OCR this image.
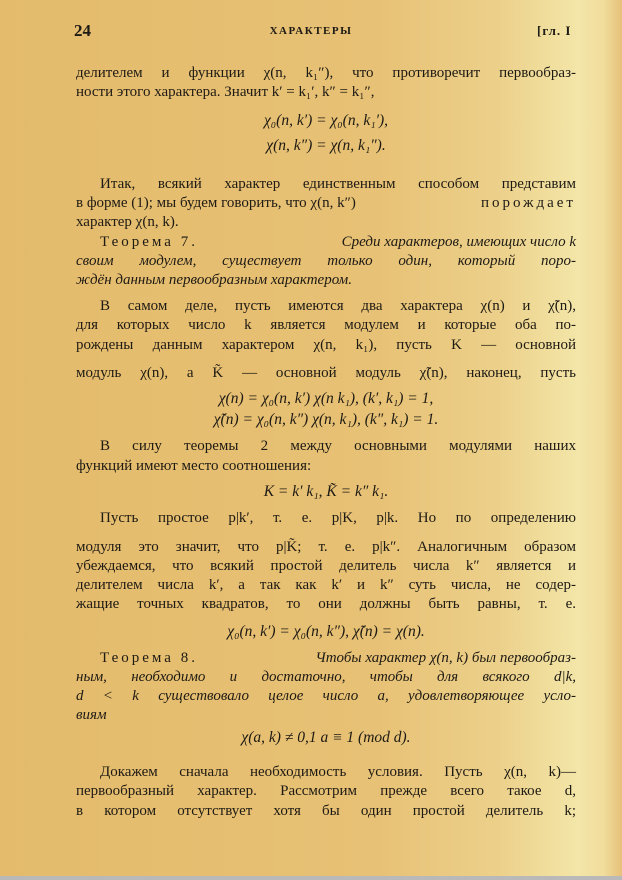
24	ХАРАКТЕРЫ	[гл. I
делителем и функции χ(n, k₁″), что противоречит первообраз-
ности этого характера. Значит k′ = k₁′, k″ = k₁″,
χ₀(n, k′) = χ₀(n, k₁′),
χ(n, k″) = χ(n, k₁″).
Итак, всякий характер единственным способом представим
в форме (1); мы будем говорить, что χ(n, k″)	порождает
характер χ(n, k).
Теорема 7.	Среди характеров, имеющих число k
своим модулем, существует только один, который поро-
ждён данным первообразным характером.
В самом деле, пусть имеются два характера χ(n) и χ̃(n),
для которых число k является модулем и которые оба по-
рождены данным характером χ(n, k₁), пусть K — основной
модуль χ(n), а K̃ — основной модуль χ̃(n), наконец, пусть
χ(n) = χ₀(n, k′) χ(n k₁), (k′, k₁) = 1,
χ̃(n) = χ₀(n, k″) χ(n, k₁), (k″, k₁) = 1.
В силу теоремы 2 между основными модулями наших
функций имеют место соотношения:
K = k′ k₁, K̃ = k″ k₁.
Пусть простое p|k′, т. е. p|K, p|k. Но по определению
модуля это значит, что p|K̃; т. е. p|k″. Аналогичным образом
убеждаемся, что всякий простой делитель числа k″ является и
делителем числа k′, а так как k′ и k″ суть числа, не содер-
жащие точных квадратов, то они должны быть равны, т. е.
χ₀(n, k′) = χ₀(n, k″), χ̃(n) = χ(n).
Теорема 8.	Чтобы характер χ(n, k) был первообраз-
ным, необходимо и достаточно, чтобы для всякого d|k,
d < k существовало целое число a, удовлетворяющее усло-
виям
χ(a, k) ≠ 0,1 a ≡ 1 (mod d).
Докажем сначала необходимость условия. Пусть χ(n, k)—
первообразный характер. Рассмотрим прежде всего такое d,
в котором отсутствует хотя бы один простой делитель k;
